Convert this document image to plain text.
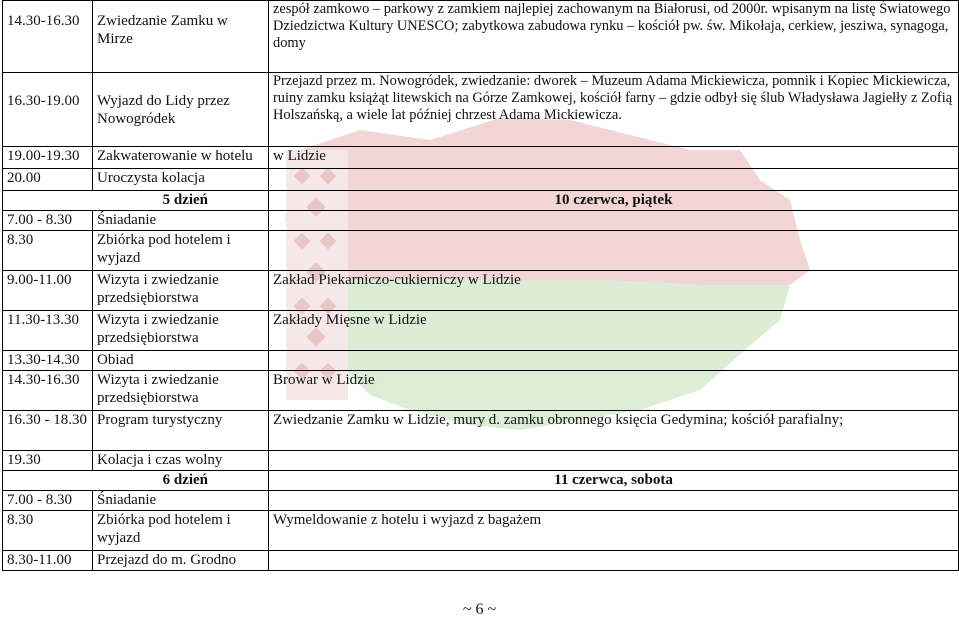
14.30-16.30	Zwiedzanie Zamku w Mirze	zespół zamkowo – parkowy z zamkiem najlepiej zachowanym na Białorusi, od 2000r. wpisanym na listę Światowego Dziedzictwa Kultury UNESCO; zabytkowa zabudowa rynku – kościół pw. św. Mikołaja, cerkiew, jesziwa, synagoga, domy
16.30-19.00	Wyjazd do Lidy przez Nowogródek	Przejazd przez m. Nowogródek, zwiedzanie: dworek – Muzeum Adama Mickiewicza, pomnik i Kopiec Mickiewicza, ruiny zamku książąt litewskich na Górze Zamkowej, kościół farny – gdzie odbył się ślub Władysława Jagiełły z Zofią Holszańską, a wiele lat później chrzest Adama Mickiewicza.
19.00-19.30	Zakwaterowanie w hotelu	w Lidzie
20.00	Uroczysta kolacja	
5 dzień		10 czerwca, piątek
7.00 - 8.30	Śniadanie	
8.30	Zbiórka pod hotelem i wyjazd	
9.00-11.00	Wizyta i zwiedzanie przedsiębiorstwa	Zakład Piekarniczo-cukierniczy w Lidzie
11.30-13.30	Wizyta i zwiedzanie przedsiębiorstwa	Zakłady Mięsne w Lidzie
13.30-14.30	Obiad	
14.30-16.30	Wizyta i zwiedzanie przedsiębiorstwa	Browar w Lidzie
16.30 - 18.30	Program turystyczny	Zwiedzanie Zamku w Lidzie, mury d. zamku obronnego księcia Gedymina; kościół parafialny;
19.30	Kolacja i czas wolny	
6 dzień		11 czerwca, sobota
7.00 - 8.30	Śniadanie	
8.30	Zbiórka pod hotelem i wyjazd	Wymeldowanie z hotelu i wyjazd z bagażem
8.30-11.00	Przejazd do m. Grodno	
~ 6 ~
